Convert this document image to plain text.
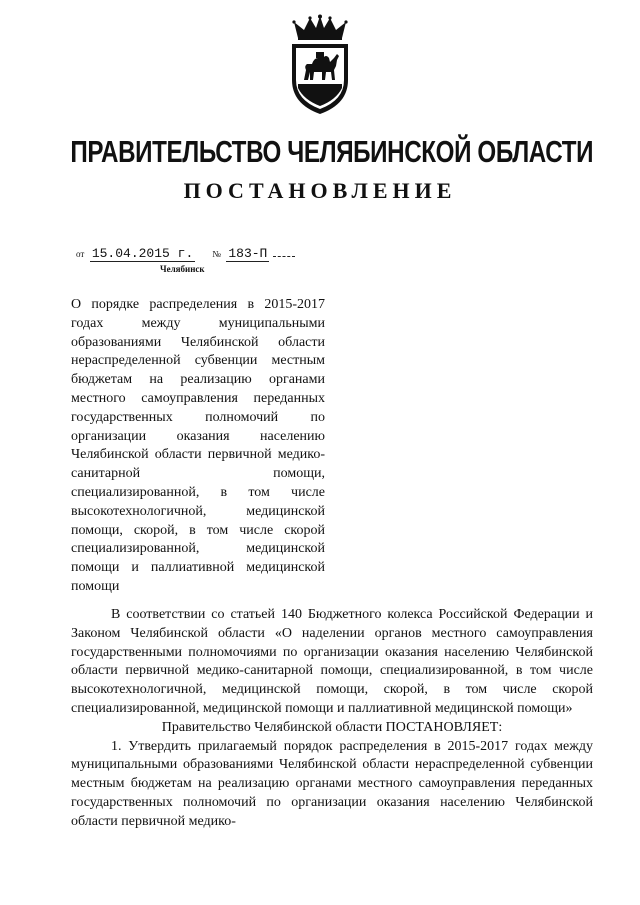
ПРАВИТЕЛЬСТВО ЧЕЛЯБИНСКОЙ ОБЛАСТИ
ПОСТАНОВЛЕНИЕ
от 15.04.2015 г. № 183-П
Челябинск
О порядке распределения в 2015-2017 годах между муниципальными образованиями Челябинской области нераспределенной субвенции местным бюджетам на реализацию органами местного самоуправления переданных государственных полномочий по организации оказания населению Челябинской области первичной медико-санитарной помощи, специализированной, в том числе высокотехнологичной, медицинской помощи, скорой, в том числе скорой специализированной, медицинской помощи и паллиативной медицинской помощи

В соответствии со статьей 140 Бюджетного колекса Российской Федерации и Законом Челябинской области «О наделении органов местного самоуправления государственными полномочиями по организации оказания населению Челябинской области первичной медико-санитарной помощи, специализированной, в том числе высокотехнологичной, медицинской помощи, скорой, в том числе скорой специализированной, медицинской помощи и паллиативной медицинской помощи»

Правительство Челябинской области ПОСТАНОВЛЯЕТ:

1. Утвердить прилагаемый порядок распределения в 2015-2017 годах между муниципальными образованиями Челябинской области нераспределенной субвенции местным бюджетам на реализацию органами местного самоуправления переданных государственных полномочий по организации оказания населению Челябинской области первичной медико-
